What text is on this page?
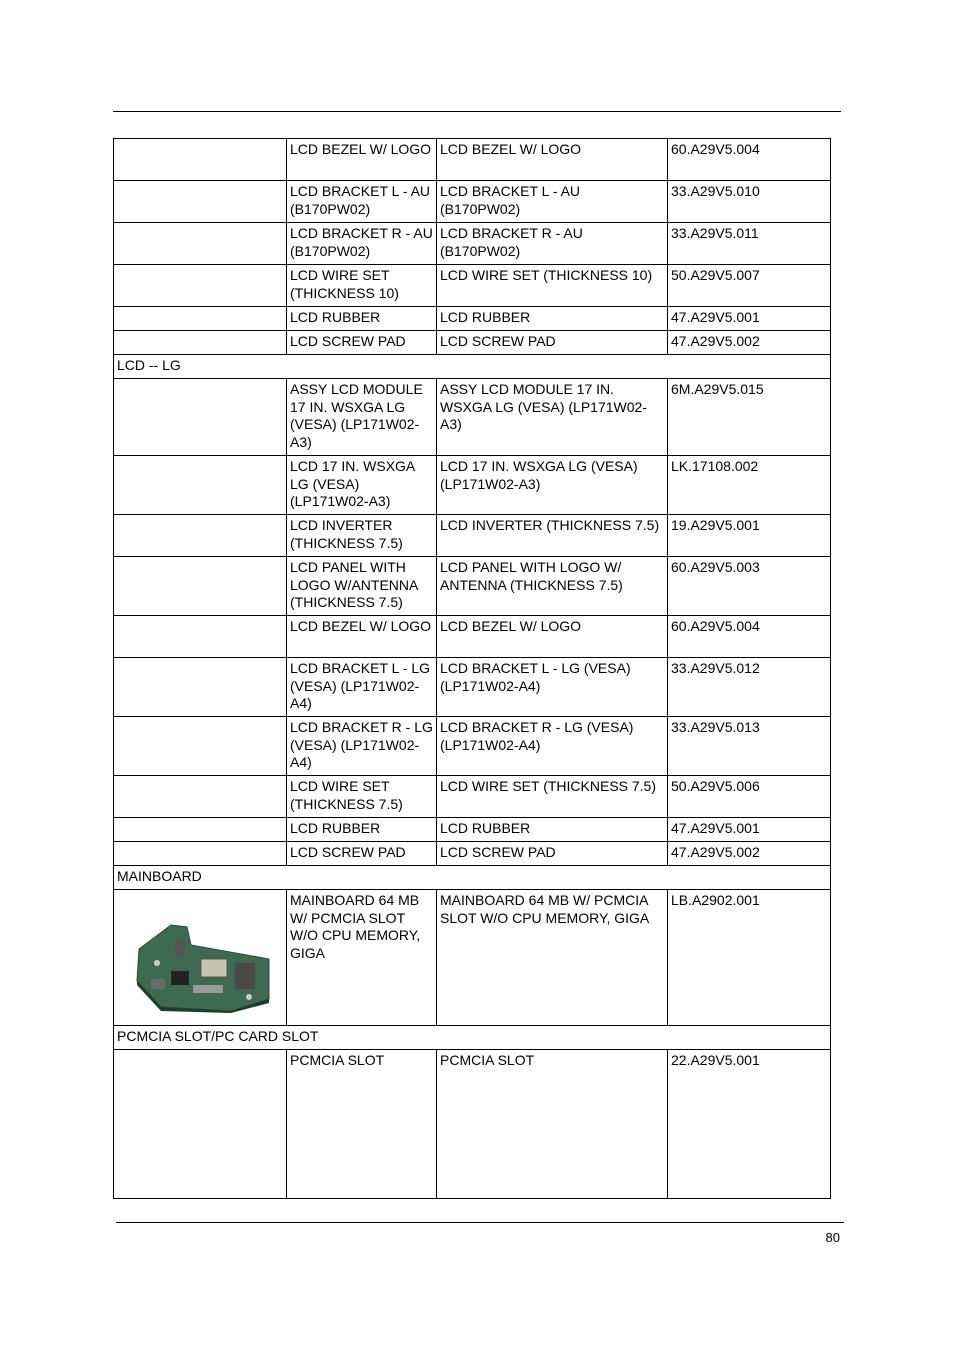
	LCD BEZEL W/ LOGO	LCD BEZEL W/ LOGO	60.A29V5.004
	LCD BRACKET L - AU (B170PW02)	LCD BRACKET L - AU (B170PW02)	33.A29V5.010
	LCD BRACKET R - AU (B170PW02)	LCD BRACKET R - AU (B170PW02)	33.A29V5.011
	LCD WIRE SET (THICKNESS 10)	LCD WIRE SET (THICKNESS 10)	50.A29V5.007
	LCD RUBBER	LCD RUBBER	47.A29V5.001
	LCD SCREW PAD	LCD SCREW PAD	47.A29V5.002
LCD -- LG			
	ASSY LCD MODULE 17 IN. WSXGA LG (VESA) (LP171W02-A3)	ASSY LCD MODULE 17 IN. WSXGA LG (VESA) (LP171W02-A3)	6M.A29V5.015
	LCD 17 IN. WSXGA LG (VESA) (LP171W02-A3)	LCD 17 IN. WSXGA LG (VESA) (LP171W02-A3)	LK.17108.002
	LCD INVERTER (THICKNESS 7.5)	LCD INVERTER (THICKNESS 7.5)	19.A29V5.001
	LCD PANEL WITH LOGO W/ANTENNA (THICKNESS 7.5)	LCD PANEL WITH LOGO W/ ANTENNA (THICKNESS 7.5)	60.A29V5.003
	LCD BEZEL W/ LOGO	LCD BEZEL W/ LOGO	60.A29V5.004
	LCD BRACKET L - LG (VESA) (LP171W02-A4)	LCD BRACKET L - LG (VESA) (LP171W02-A4)	33.A29V5.012
	LCD BRACKET R - LG (VESA) (LP171W02-A4)	LCD BRACKET R - LG (VESA) (LP171W02-A4)	33.A29V5.013
	LCD WIRE SET (THICKNESS 7.5)	LCD WIRE SET (THICKNESS 7.5)	50.A29V5.006
	LCD RUBBER	LCD RUBBER	47.A29V5.001
	LCD SCREW PAD	LCD SCREW PAD	47.A29V5.002
MAINBOARD			

	MAINBOARD 64 MB W/ PCMCIA SLOT W/O CPU MEMORY, GIGA	MAINBOARD 64 MB W/ PCMCIA SLOT W/O CPU MEMORY, GIGA	LB.A2902.001
PCMCIA SLOT/PC CARD SLOT			
	PCMCIA SLOT	PCMCIA SLOT	22.A29V5.001
80
